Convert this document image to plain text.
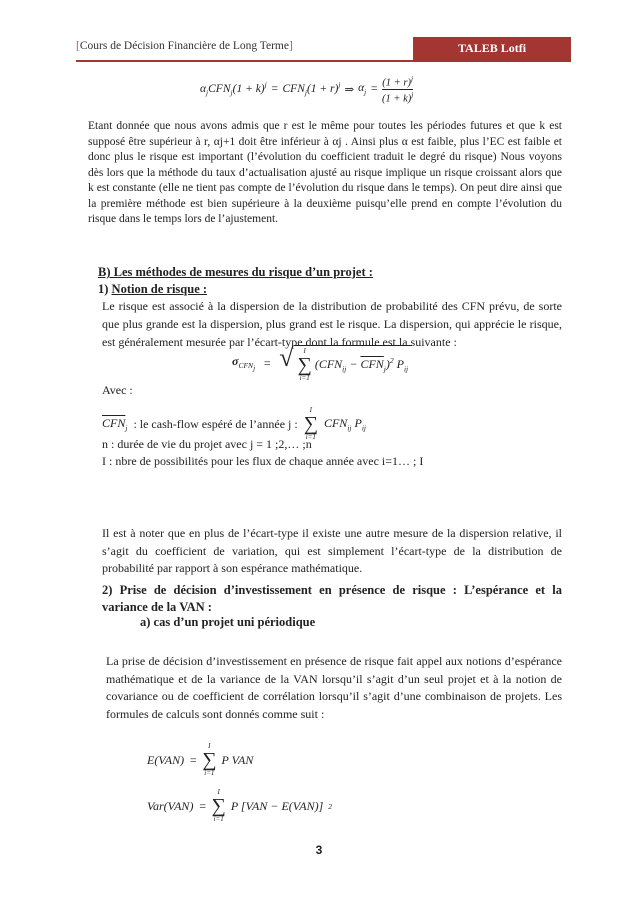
[Cours de Décision Financière de Long Terme]	TALEB Lotfi
$\alpha_jCFN_j(1 + k)^j = CFN_j(1 + r)^j$ ⇒ $\alpha_j = \frac{(1 + r)^j}{(1 + k)^j}$
Etant donnée que nous avons admis que r est le même pour toutes les périodes futures et que k est supposé être supérieur à r, αj+1 doit être inférieur à αj . Ainsi plus α est faible, plus l’EC est faible et donc plus le risque est important (l’évolution du coefficient traduit le degré du risque) Nous voyons dès lors que la méthode du taux d’actualisation ajusté au risque implique un risque croissant alors que k est constante (elle ne tient pas compte de l’évolution du risque dans le temps). On peut dire ainsi que la première méthode est bien supérieure à la deuxième puisqu’elle prend en compte l’évolution du risque dans le temps lors de l’ajustement.
B) Les méthodes de mesures du risque d’un projet :
1) Notion de risque :
Le risque est associé à la dispersion de la distribution de probabilité des CFN prévu, de sorte que plus grande est la dispersion, plus grand est le risque. La dispersion, qui apprécie le risque, est généralement mesurée par l’écart-type dont la formule est la suivante :
$\sigma_{CFN_j}$ = √ I
∑
i=1
$(CFN_{ij} - \overline{CFN}_j)^2$ $P_{ij}$
Avec :
$\overline{CFN}_j$ : le cash-flow espéré de l’année j :
I
∑
i=1
$CFN_{ij}$ $P_{ij}$
n : durée de vie du projet avec j = 1 ;2,… ;n
I : nbre de possibilités pour les flux de chaque année avec i=1… ; I
Il est à noter que en plus de l’écart-type il existe une autre mesure de la dispersion relative, il s’agit du coefficient de variation, qui est simplement l’écart-type de la distribution de probabilité par rapport à son espérance mathématique.
2) Prise de décision d’investissement en présence de risque : L’espérance et la variance de la VAN :
a) cas d’un projet uni périodique
La prise de décision d’investissement en présence de risque fait appel aux notions d’espérance mathématique et de la variance de la VAN lorsqu’il s’agit d’un seul projet et à la notion de covariance ou de coefficient de corrélation lorsqu’il s’agit d’une combinaison de projets. Les formules de calculs sont donnés comme suit :
E(VAN) =
I
∑
i=1
P VAN
Var(VAN) =
I
∑
i=1
P [VAN − E(VAN)] 2
3
